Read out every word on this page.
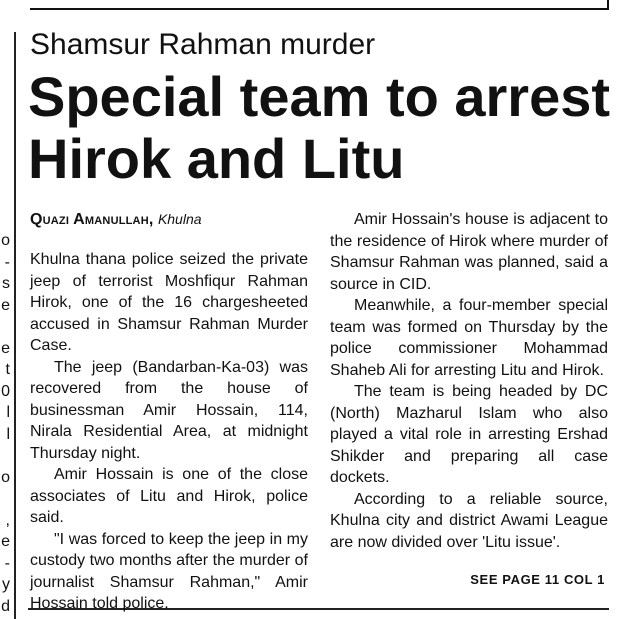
o
-
s
e
e
t
0
l
l
o
,
e
-
y
d
Shamsur Rahman murder
Special team to arrest Hirok and Litu
Quazi Amanullah, Khulna

Khulna thana police seized the private jeep of terrorist Moshfiqur Rahman Hirok, one of the 16 chargesheeted accused in Shamsur Rahman Murder Case.

The jeep (Bandarban-Ka-03) was recovered from the house of businessman Amir Hossain, 114, Nirala Residential Area, at midnight Thursday night.

Amir Hossain is one of the close associates of Litu and Hirok, police said.

"I was forced to keep the jeep in my custody two months after the murder of journalist Shamsur Rahman," Amir Hossain told police.

Amir Hossain's house is adjacent to the residence of Hirok where murder of Shamsur Rahman was planned, said a source in CID.

Meanwhile, a four-member special team was formed on Thursday by the police commissioner Mohammad Shaheb Ali for arresting Litu and Hirok.

The team is being headed by DC (North) Mazharul Islam who also played a vital role in arresting Ershad Shikder and preparing all case dockets.

According to a reliable source, Khulna city and district Awami League are now divided over 'Litu issue'.

SEE PAGE 11 COL 1
